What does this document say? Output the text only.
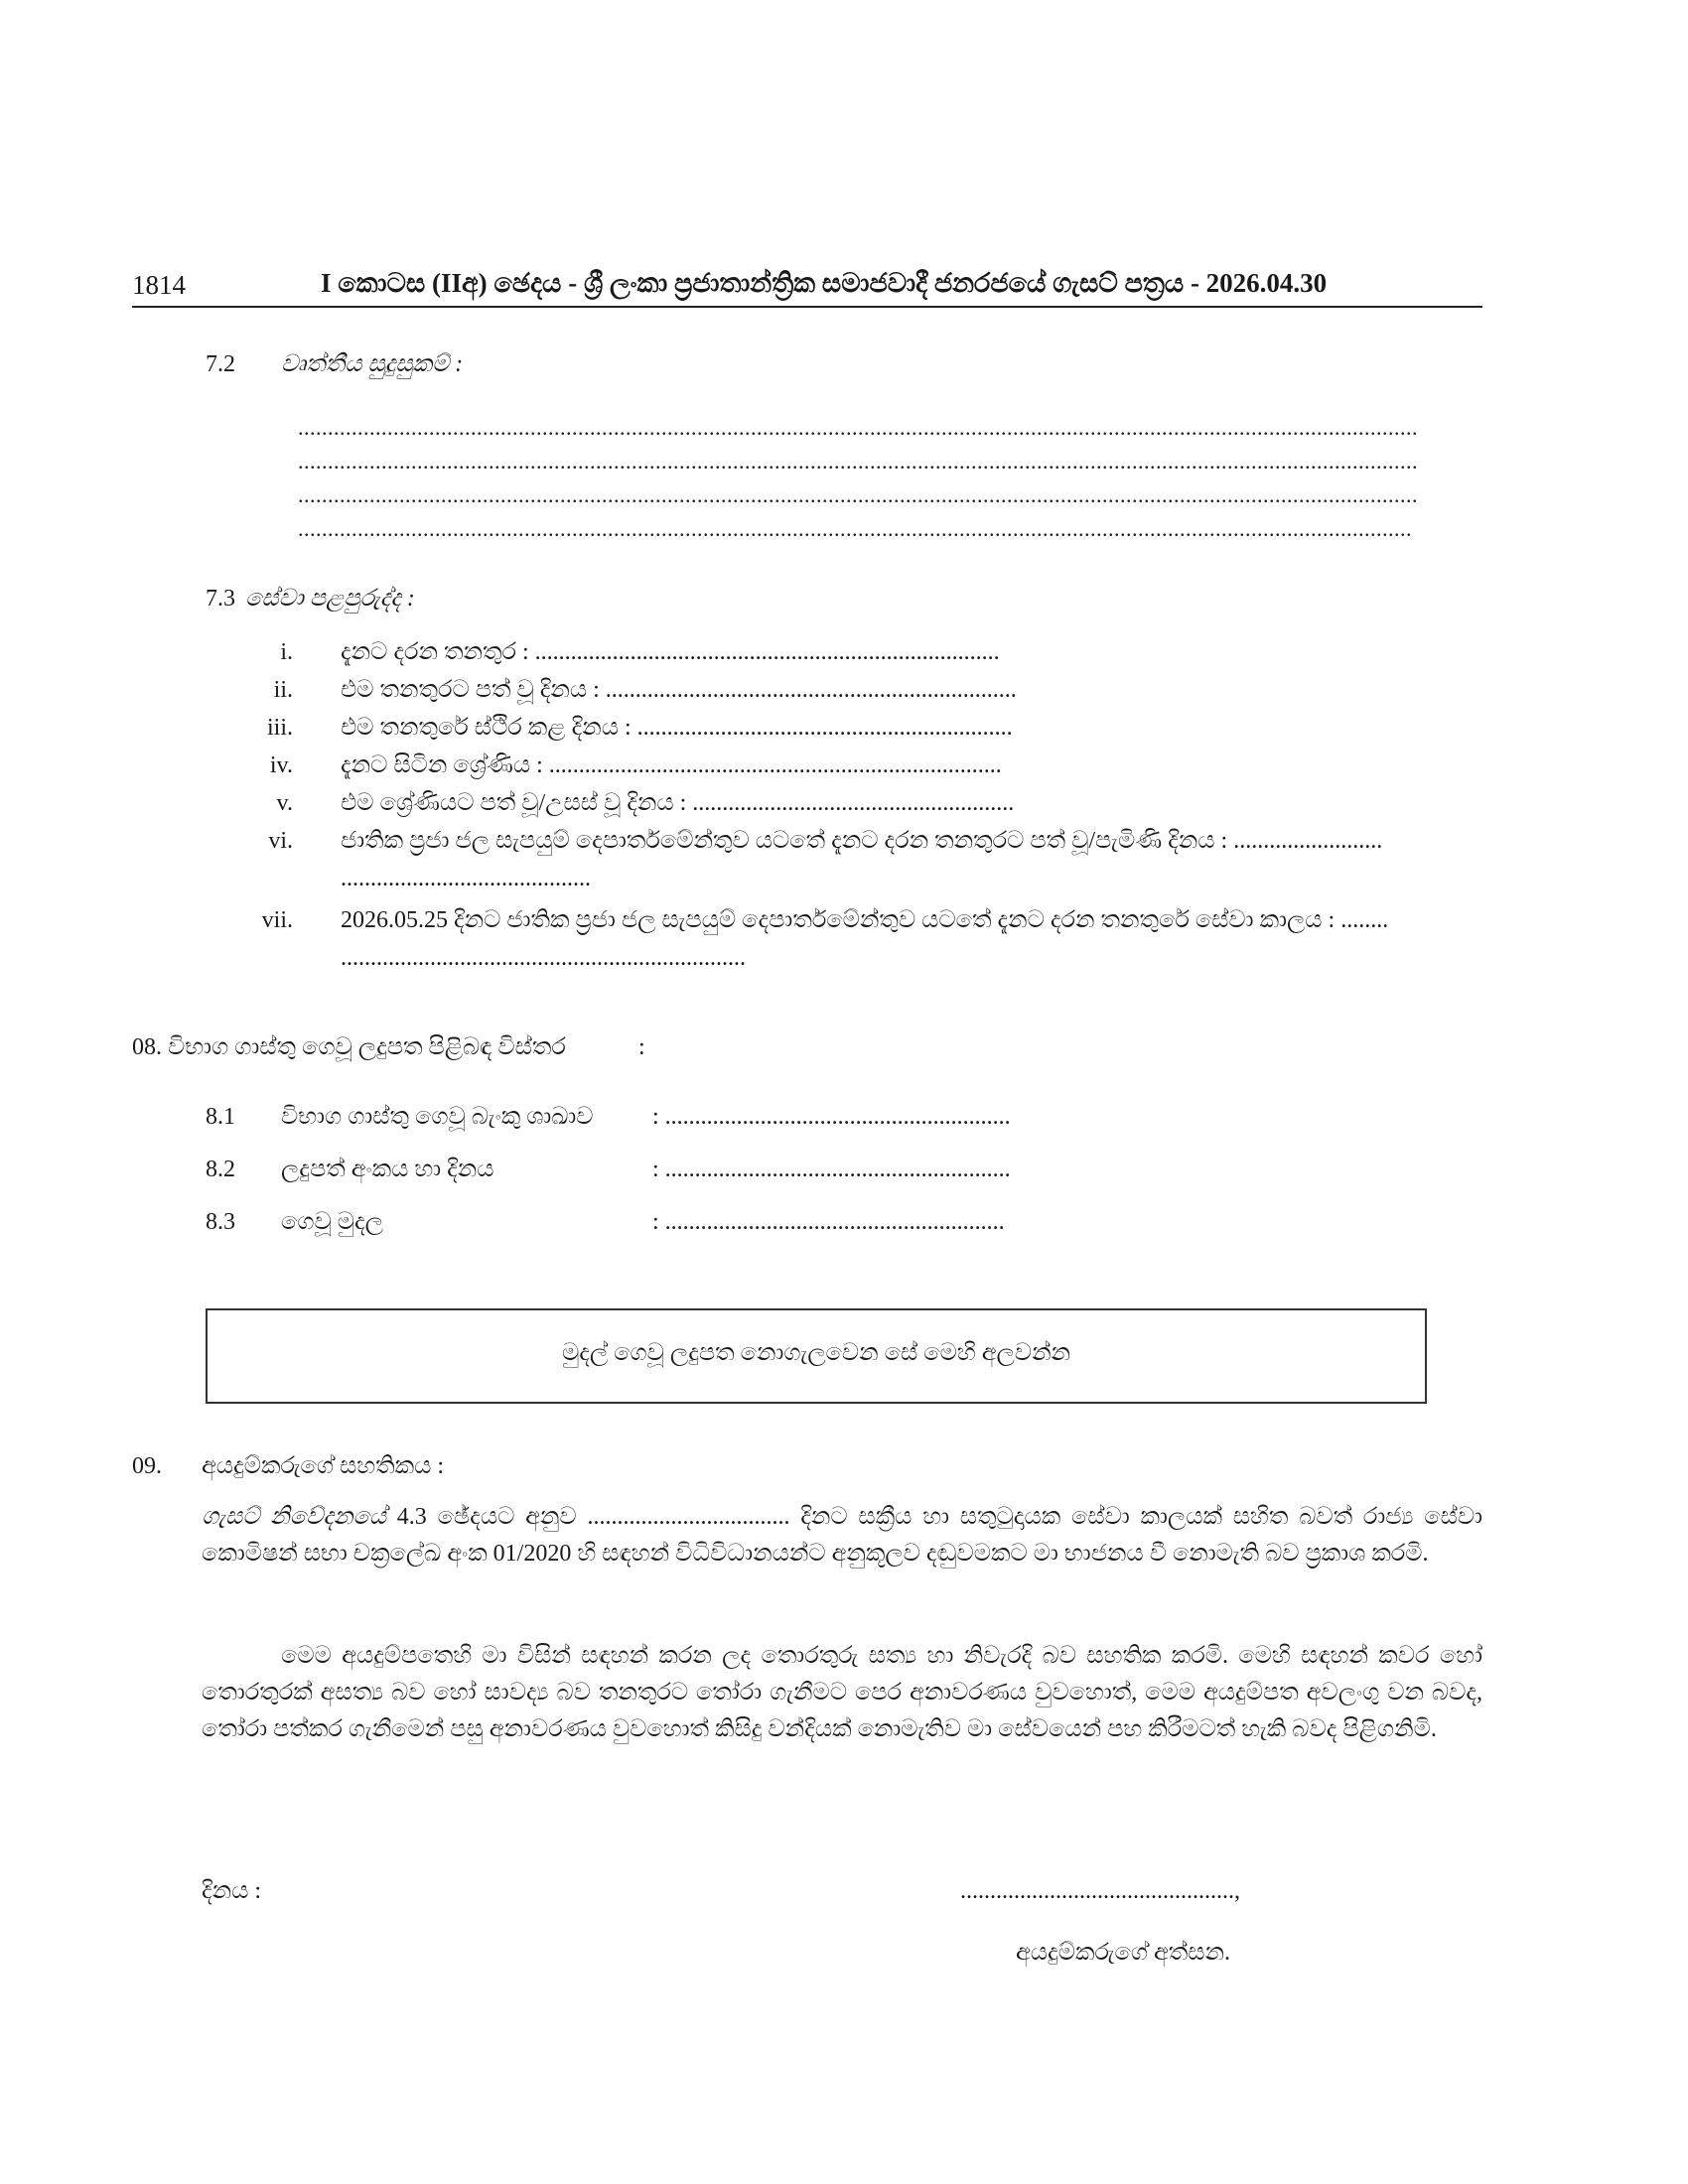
1814	I කොටස (IIඅ) ඡෙදය - ශ්‍රී ලංකා ප්‍රජාතාන්ත්‍රික සමාජවාදී ජනරජයේ ගැසට් පත්‍රය - 2026.04.30
7.2 වෘත්තීය සුදුසුකම් :
............................................................................................................................................................................................
............................................................................................................................................................................................
............................................................................................................................................................................................
...........................................................................................................................................................................................
7.3 සේවා පළපුරුද්ද :
i. දැනට දරන තනතුර : ..............................................................................
ii. එම තනතුරට පත් වූ දිනය : .....................................................................
iii. එම තනතුරේ ස්ථිර කළ දිනය : ...............................................................
iv. දැනට සිටින ශ්‍රේණිය : ............................................................................
v. එම ශ්‍රේණියට පත් වූ/උසස් වූ දිනය : ......................................................
vi. ජාතික ප්‍රජා ජල සැපයුම් දෙපාර්තමේන්තුව යටතේ දැනට දරන තනතුරට පත් වූ/පැමිණි දිනය : .........................
..........................................
vii. 2026.05.25 දිනට ජාතික ප්‍රජා ජල සැපයුම් දෙපාර්තමේන්තුව යටතේ දැනට දරන තනතුරේ සේවා කාලය : ........
....................................................................
08. විභාග ගාස්තු ගෙවූ ලදුපත පිළිබඳ විස්තර	:
8.1 විභාග ගාස්තු ගෙවූ බැංකු ශාඛාව : ..........................................................
8.2 ලදුපත් අංකය හා දිනය	: ..........................................................
8.3 ගෙවූ මුදල	: .........................................................
මුදල් ගෙවූ ලදුපත නොගැලවෙන සේ මෙහි අලවන්න
09. අයදුම්කරුගේ සහතිකය :
ගැසට් නිවේදනයේ 4.3 ඡේදයට අනුව .................................. දිනට සක්‍රීය හා සතුටුදායක සේවා කාලයක් සහිත බවත් රාජ්‍ය සේවා කොමිෂන් සභා චක්‍රලේඛ අංක 01/2020 හි සඳහන් විධිවිධානයන්ට අනුකූලව දඬුවමකට මා භාජනය වී නොමැති බව ප්‍රකාශ කරමි.
මෙම අයදුම්පතෙහි මා විසින් සඳහන් කරන ලද තොරතුරු සත්‍ය හා නිවැරදි බව සහතික කරමි. මෙහි සඳහන් කවර හෝ තොරතුරක් අසත්‍ය බව හෝ සාවද්‍ය බව තනතුරට තෝරා ගැනීමට පෙර අනාවරණය වුවහොත්, මෙම අයදුම්පත අවලංගු වන බවද, තෝරා පත්කර ගැනීමෙන් පසු අනාවරණය වුවහොත් කිසිදු වන්දියක් නොමැතිව මා සේවයෙන් පහ කිරීමටත් හැකි බවද පිළිගනිමි.
දිනය :	..............................................,
අයදුම්කරුගේ අත්සන.
